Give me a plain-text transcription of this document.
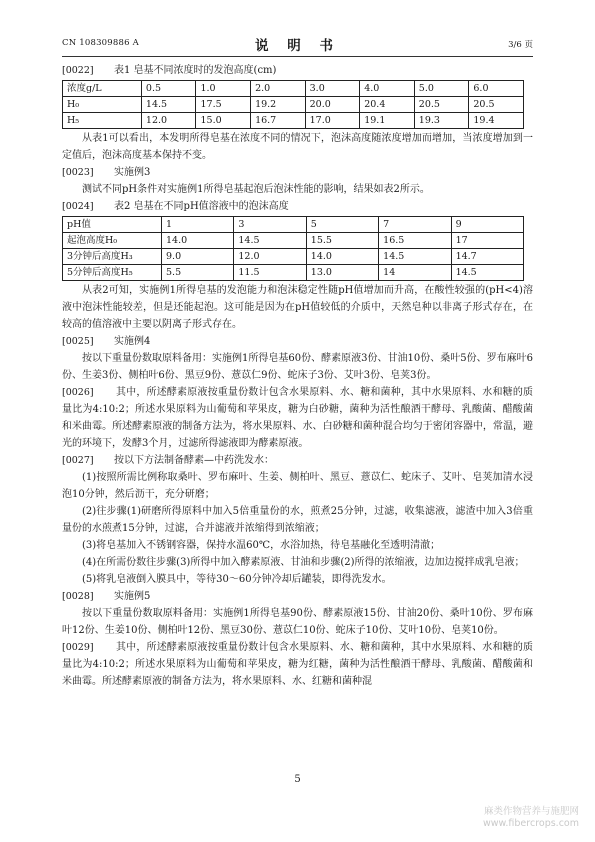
CN 108309886 A	说 明 书	3/6 页
[0022]	表1 皂基不同浓度时的发泡高度(cm)
浓度g/L	0.5	1.0	2.0	3.0	4.0	5.0	6.0
H₀	14.5	17.5	19.2	20.0	20.4	20.5	20.5
H₅	12.0	15.0	16.7	17.0	19.1	19.3	19.4

从表1可以看出，本发明所得皂基在浓度不同的情况下，泡沫高度随浓度增加而增加，当浓度增加到一定值后，泡沫高度基本保持不变。

[0023]	实施例3

测试不同pH条件对实施例1所得皂基起泡后泡沫性能的影响，结果如表2所示。

[0024]	表2 皂基在不同pH值溶液中的泡沫高度
pH值	1	3	5	7	9
起泡高度H₀	14.0	14.5	15.5	16.5	17
3分钟后高度H₃	9.0	12.0	14.0	14.5	14.7
5分钟后高度H₅	5.5	11.5	13.0	14	14.5

从表2可知，实施例1所得皂基的发泡能力和泡沫稳定性随pH值增加而升高，在酸性较强的(pH<4)溶液中泡沫性能较差，但是还能起泡。这可能是因为在pH值较低的介质中，天然皂种以非离子形式存在，在较高的值溶液中主要以阴离子形式存在。

[0025]	实施例4

按以下重量份数取原料备用：实施例1所得皂基60份、酵素原液3份、甘油10份、桑叶5份、罗布麻叶6份、生姜3份、侧柏叶6份、黑豆9份、薏苡仁9份、蛇床子3份、艾叶3份、皂荚3份。

[0026]	其中，所述酵素原液按重量份数计包含水果原料、水、糖和菌种，其中水果原料、水和糖的质量比为4:10:2；所述水果原料为山葡萄和苹果皮，糖为白砂糖，菌种为活性酿酒干酵母、乳酸菌、醋酸菌和米曲霉。所述酵素原液的制备方法为，将水果原料、水、白砂糖和菌种混合均匀于密闭容器中，常温，避光的环境下，发酵3个月，过滤所得滤液即为酵素原液。

[0027]	按以下方法制备酵素—中药洗发水：

(1)按照所需比例称取桑叶、罗布麻叶、生姜、侧柏叶、黑豆、薏苡仁、蛇床子、艾叶、皂荚加清水浸泡10分钟，然后沥干，充分研磨；

(2)往步骤(1)研磨所得原料中加入5倍重量份的水，煎煮25分钟，过滤，收集滤液，滤渣中加入3倍重量份的水煎煮15分钟，过滤，合并滤液并浓缩得到浓缩液；

(3)将皂基加入不锈钢容器，保持水温60℃，水浴加热，待皂基融化至透明清澈；

(4)在所需份数往步骤(3)所得中加入酵素原液、甘油和步骤(2)所得的浓缩液，边加边搅拌成乳皂液；

(5)将乳皂液倒入膜具中，等待30～60分钟冷却后罐装，即得洗发水。

[0028]	实施例5

按以下重量份数取原料备用：实施例1所得皂基90份、酵素原液15份、甘油20份、桑叶10份、罗布麻叶12份、生姜10份、侧柏叶12份、黑豆30份、薏苡仁10份、蛇床子10份、艾叶10份、皂荚10份。

[0029]	其中，所述酵素原液按重量份数计包含水果原料、水、糖和菌种，其中水果原料、水和糖的质量比为4:10:2；所述水果原料为山葡萄和苹果皮，糖为红糖，菌种为活性酿酒干酵母、乳酸菌、醋酸菌和米曲霉。所述酵素原液的制备方法为，将水果原料、水、红糖和菌种混

5
麻类作物营养与施肥网
www.fibercrops.com
